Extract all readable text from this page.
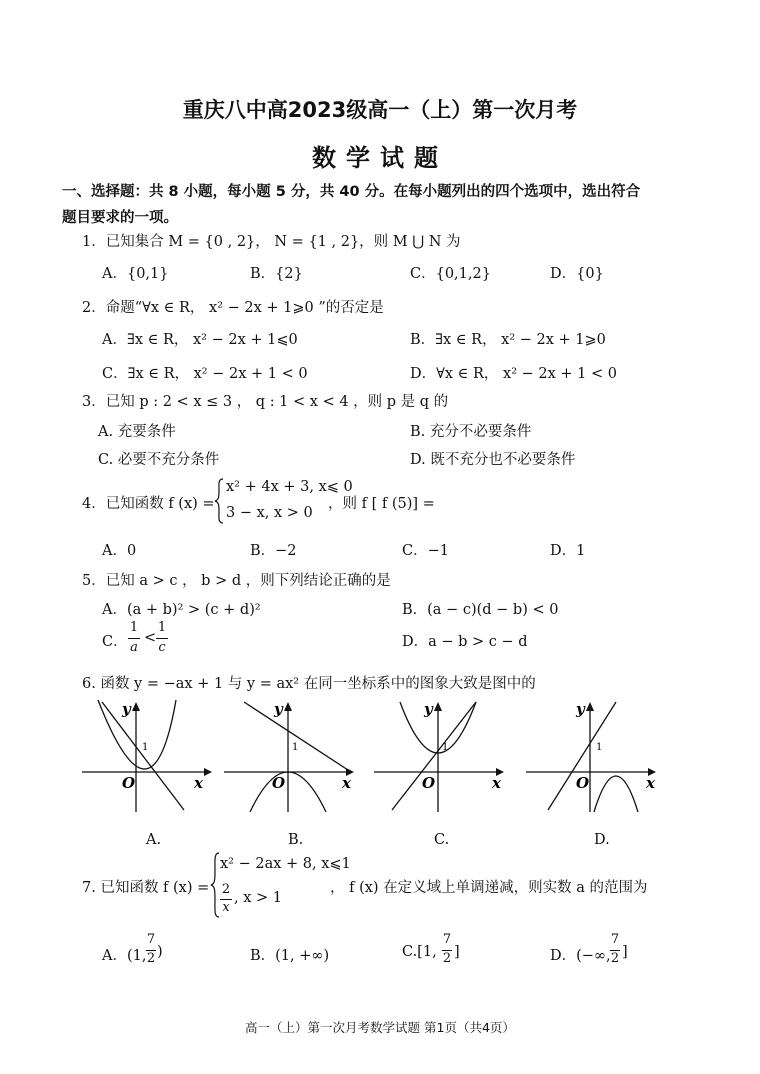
重庆八中高2023级高一（上）第一次月考
数学试题
一、选择题：共 8 小题，每小题 5 分，共 40 分。在每小题列出的四个选项中，选出符合
题目要求的一项。
1．已知集合 M = {0 , 2}， N = {1 , 2}，则 M ⋃ N 为
A．{0,1}	B．{2}	C．{0,1,2}	D．{0}
2．命题“∀x ∈ R， x² − 2x + 1⩾0 ”的否定是
A．∃x ∈ R， x² − 2x + 1⩽0	B．∃x ∈ R， x² − 2x + 1⩾0
C．∃x ∈ R， x² − 2x + 1 < 0	D．∀x ∈ R， x² − 2x + 1 < 0
3．已知 p : 2 < x ≤ 3 ， q : 1 < x < 4 ，则 p 是 q 的
A. 充要条件	B. 充分不必要条件
C. 必要不充分条件	D. 既不充分也不必要条件
4．已知函数 f (x) =
x² + 4x + 3, x⩽ 0
3 − x, x > 0
，则 f [ f (5)] =
A．0	B．−2	C．−1	D．1
5．已知 a > c ， b > d ，则下列结论正确的是
A．(a + b)² > (c + d)²	B．(a − c)(d − b) < 0
C．
1
a
<
1
c	D．a − b > c − d
6. 函数 y = −ax + 1 与 y = ax² 在同一坐标系中的图象大致是图中的
y
1
O	x
y
1
O	x
y
1
O	x
y
1
O	x
A.	B.	C.	D.
7. 已知函数 f (x) =
x² − 2ax + 8, x⩽1
2
x
, x > 1
， f (x) 在定义域上单调递减，则实数 a 的范围为
A．(1,
7
2 )	B．(1, +∞)	C.[1,
7
2 ]	D．(−∞,
7
2 ]
高一（上）第一次月考数学试题 第1页（共4页）
